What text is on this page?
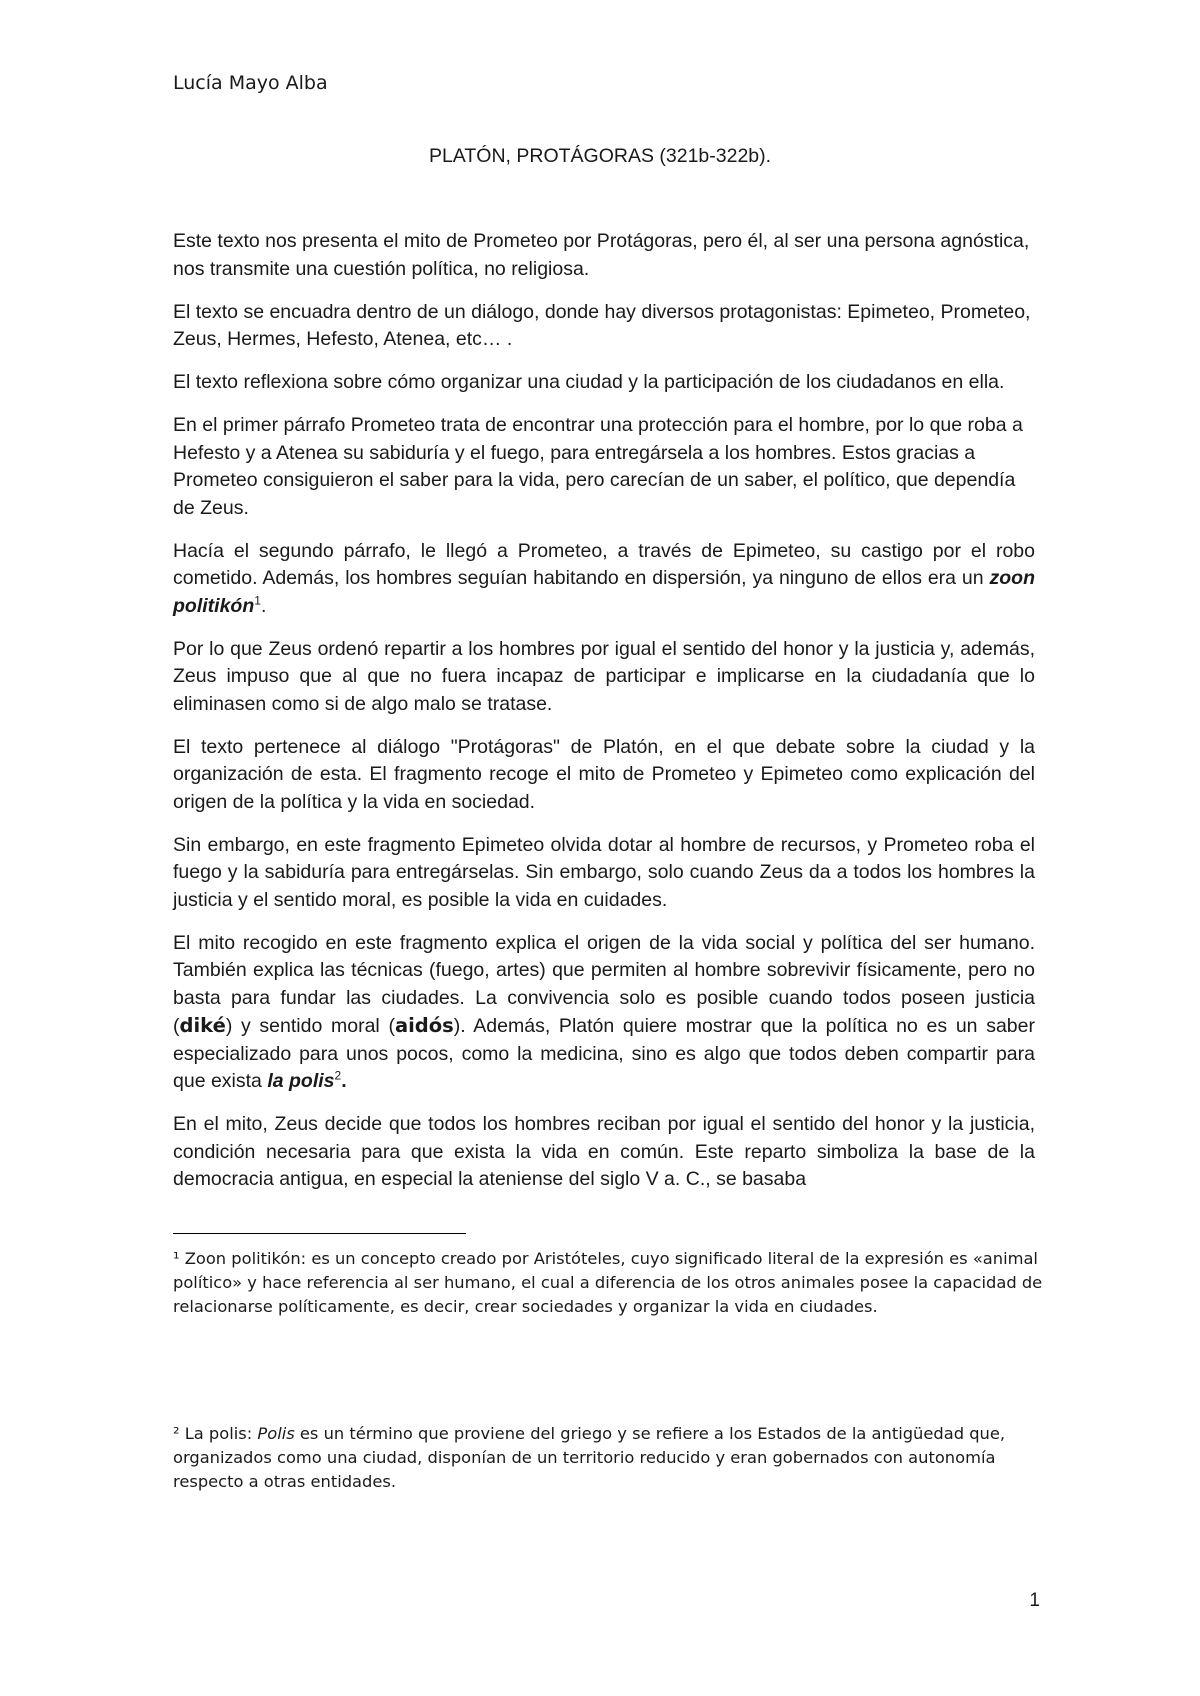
Lucía Mayo Alba
PLATÓN, PROTÁGORAS (321b-322b).

Este texto nos presenta el mito de Prometeo por Protágoras, pero él, al ser una persona agnóstica, nos transmite una cuestión política, no religiosa.

El texto se encuadra dentro de un diálogo, donde hay diversos protagonistas: Epimeteo, Prometeo, Zeus, Hermes, Hefesto, Atenea, etc… .

El texto reflexiona sobre cómo organizar una ciudad y la participación de los ciudadanos en ella.

En el primer párrafo Prometeo trata de encontrar una protección para el hombre, por lo que roba a Hefesto y a Atenea su sabiduría y el fuego, para entregársela a los hombres. Estos gracias a Prometeo consiguieron el saber para la vida, pero carecían de un saber, el político, que dependía de Zeus.

Hacía el segundo párrafo, le llegó a Prometeo, a través de Epimeteo, su castigo por el robo cometido. Además, los hombres seguían habitando en dispersión, ya ninguno de ellos era un zoon politikón$^1$.

Por lo que Zeus ordenó repartir a los hombres por igual el sentido del honor y la justicia y, además, Zeus impuso que al que no fuera incapaz de participar e implicarse en la ciudadanía que lo eliminasen como si de algo malo se tratase.

El texto pertenece al diálogo "Protágoras" de Platón, en el que debate sobre la ciudad y la organización de esta. El fragmento recoge el mito de Prometeo y Epimeteo como explicación del origen de la política y la vida en sociedad.

Sin embargo, en este fragmento Epimeteo olvida dotar al hombre de recursos, y Prometeo roba el fuego y la sabiduría para entregárselas. Sin embargo, solo cuando Zeus da a todos los hombres la justicia y el sentido moral, es posible la vida en cuidades.

El mito recogido en este fragmento explica el origen de la vida social y política del ser humano. También explica las técnicas (fuego, artes) que permiten al hombre sobrevivir físicamente, pero no basta para fundar las ciudades. La convivencia solo es posible cuando todos poseen justicia (diké) y sentido moral (aidós). Además, Platón quiere mostrar que la política no es un saber especializado para unos pocos, como la medicina, sino es algo que todos deben compartir para que exista la polis$^2$.

En el mito, Zeus decide que todos los hombres reciban por igual el sentido del honor y la justicia, condición necesaria para que exista la vida en común. Este reparto simboliza la base de la democracia antigua, en especial la ateniense del siglo V a. C., se basaba

¹ Zoon politikón: es un concepto creado por Aristóteles, cuyo significado literal de la expresión es «animal político» y hace referencia al ser humano, el cual a diferencia de los otros animales posee la capacidad de relacionarse políticamente, es decir, crear sociedades y organizar la vida en ciudades.
² La polis: Polis es un término que proviene del griego y se refiere a los Estados de la antigüedad que, organizados como una ciudad, disponían de un territorio reducido y eran gobernados con autonomía respecto a otras entidades.
1
